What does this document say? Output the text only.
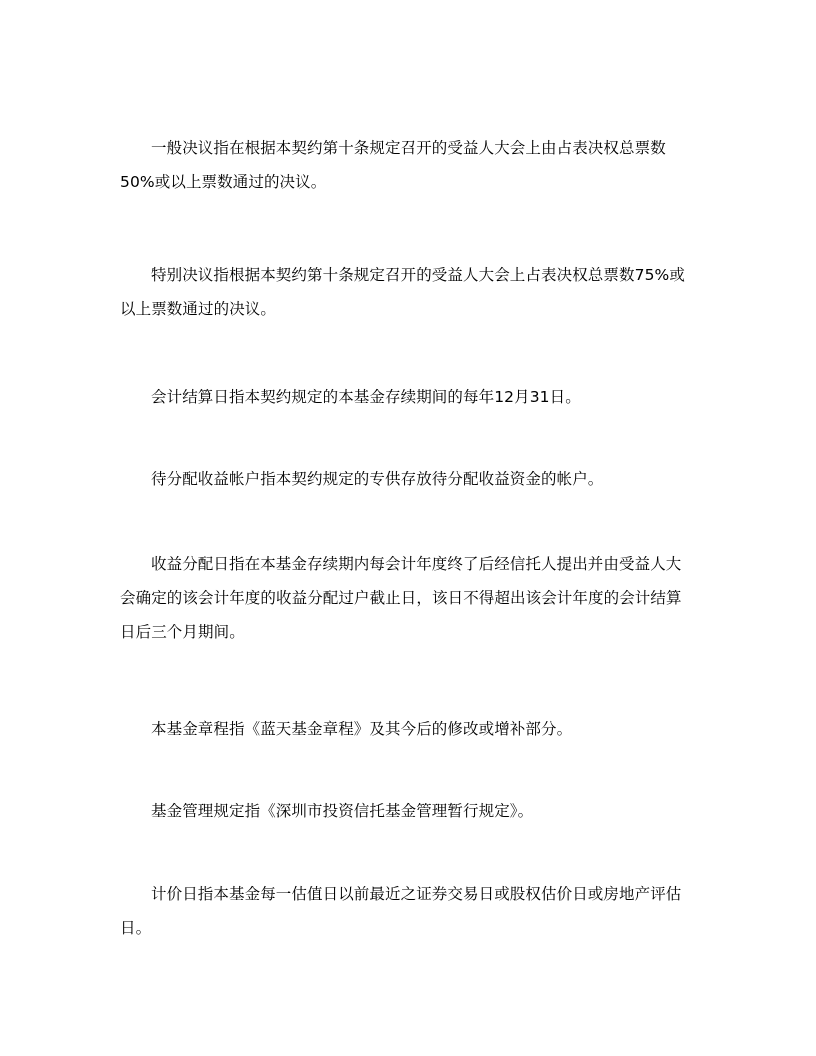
一般决议指在根据本契约第十条规定召开的受益人大会上由占表决权总票数
50%或以上票数通过的决议。

特别决议指根据本契约第十条规定召开的受益人大会上占表决权总票数75%或
以上票数通过的决议。

会计结算日指本契约规定的本基金存续期间的每年12月31日。

待分配收益帐户指本契约规定的专供存放待分配收益资金的帐户。

收益分配日指在本基金存续期内每会计年度终了后经信托人提出并由受益人大
会确定的该会计年度的收益分配过户截止日，该日不得超出该会计年度的会计结算
日后三个月期间。

本基金章程指《蓝天基金章程》及其今后的修改或增补部分。

基金管理规定指《深圳市投资信托基金管理暂行规定》。

计价日指本基金每一估值日以前最近之证券交易日或股权估价日或房地产评估
日。
